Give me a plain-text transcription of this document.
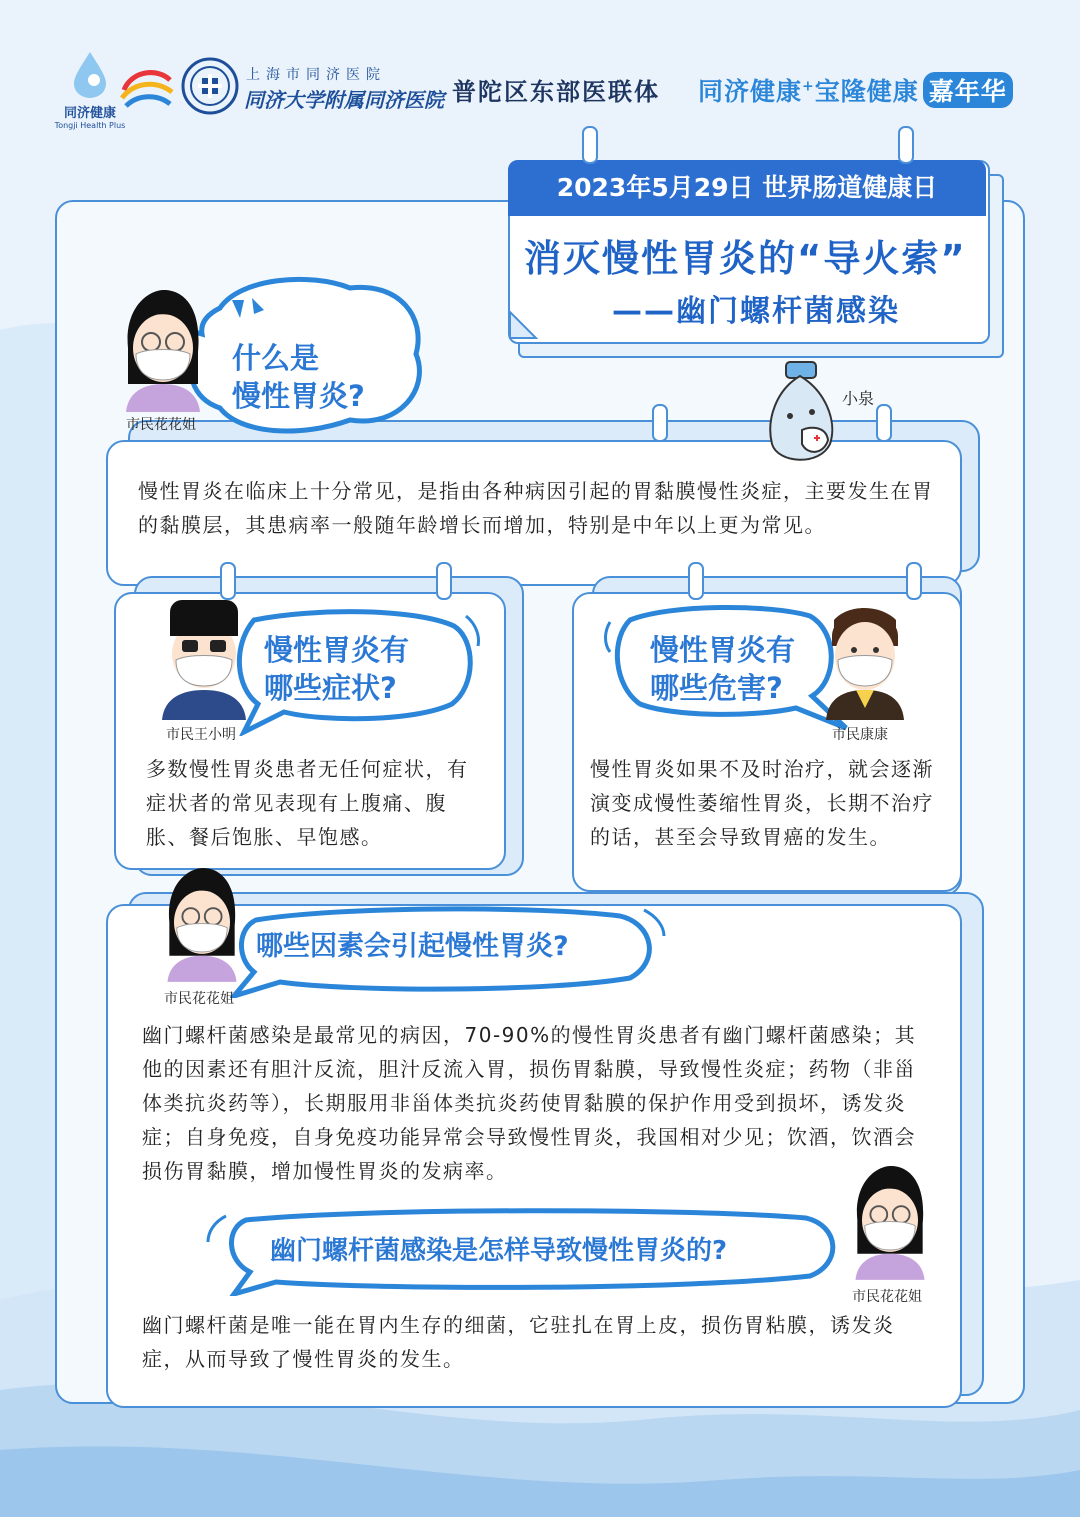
同济健康
Tongji Health Plus
上海市同济医院
同济大学附属同济医院 普陀区东部医联体 同济健康+宝隆健康 嘉年华
2023年5月29日 世界肠道健康日
消灭慢性胃炎的“导火索”
——幽门螺杆菌感染
慢性胃炎在临床上十分常见，是指由各种病因引起的胃黏膜慢性炎症，主要发生在胃的黏膜层，其患病率一般随年龄增长而增加，特别是中年以上更为常见。
什么是
慢性胃炎?
市民花花姐
小泉
慢性胃炎有
哪些症状?
市民王小明
多数慢性胃炎患者无任何症状，有症状者的常见表现有上腹痛、腹胀、餐后饱胀、早饱感。
慢性胃炎有
哪些危害?
市民康康
慢性胃炎如果不及时治疗，就会逐渐演变成慢性萎缩性胃炎，长期不治疗的话，甚至会导致胃癌的发生。
哪些因素会引起慢性胃炎?
市民花花姐
幽门螺杆菌感染是最常见的病因，70-90%的慢性胃炎患者有幽门螺杆菌感染；其他的因素还有胆汁反流，胆汁反流入胃，损伤胃黏膜，导致慢性炎症；药物（非甾体类抗炎药等），长期服用非甾体类抗炎药使胃黏膜的保护作用受到损坏，诱发炎症；自身免疫，自身免疫功能异常会导致慢性胃炎，我国相对少见；饮酒，饮酒会损伤胃黏膜，增加慢性胃炎的发病率。
幽门螺杆菌感染是怎样导致慢性胃炎的?
市民花花姐
幽门螺杆菌是唯一能在胃内生存的细菌，它驻扎在胃上皮，损伤胃粘膜，诱发炎症，从而导致了慢性胃炎的发生。
